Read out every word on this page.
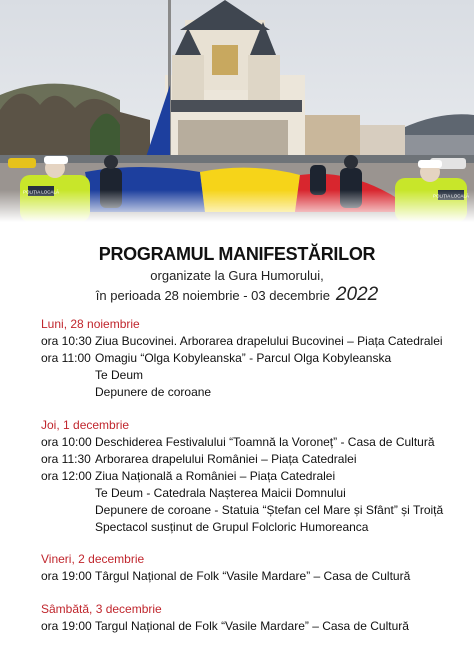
PROGRAMUL MANIFESTĂRILOR
organizate la Gura Humorului,
în perioada 28 noiembrie - 03 decembrie 2022
Luni, 28 noiembrie
ora 10:30 Ziua Bucovinei. Arborarea drapelului Bucovinei – Piața Catedralei
ora 11:00 Omagiu “Olga Kobyleanska” - Parcul Olga Kobyleanska
Te Deum
Depunere de coroane
Joi, 1 decembrie
ora 10:00 Deschiderea Festivalului “Toamnă la Voroneț” - Casa de Cultură
ora 11:30 Arborarea drapelului României – Piața Catedralei
ora 12:00 Ziua Națională a României – Piața Catedralei
Te Deum - Catedrala Nașterea Maicii Domnului
Depunere de coroane - Statuia “Ștefan cel Mare și Sfânt” și Troiță
Spectacol susținut de Grupul Folcloric Humoreanca
Vineri, 2 decembrie
ora 19:00 Târgul Național de Folk “Vasile Mardare” – Casa de Cultură
Sâmbătă, 3 decembrie
ora 19:00 Targul Național de Folk “Vasile Mardare” – Casa de Cultură
